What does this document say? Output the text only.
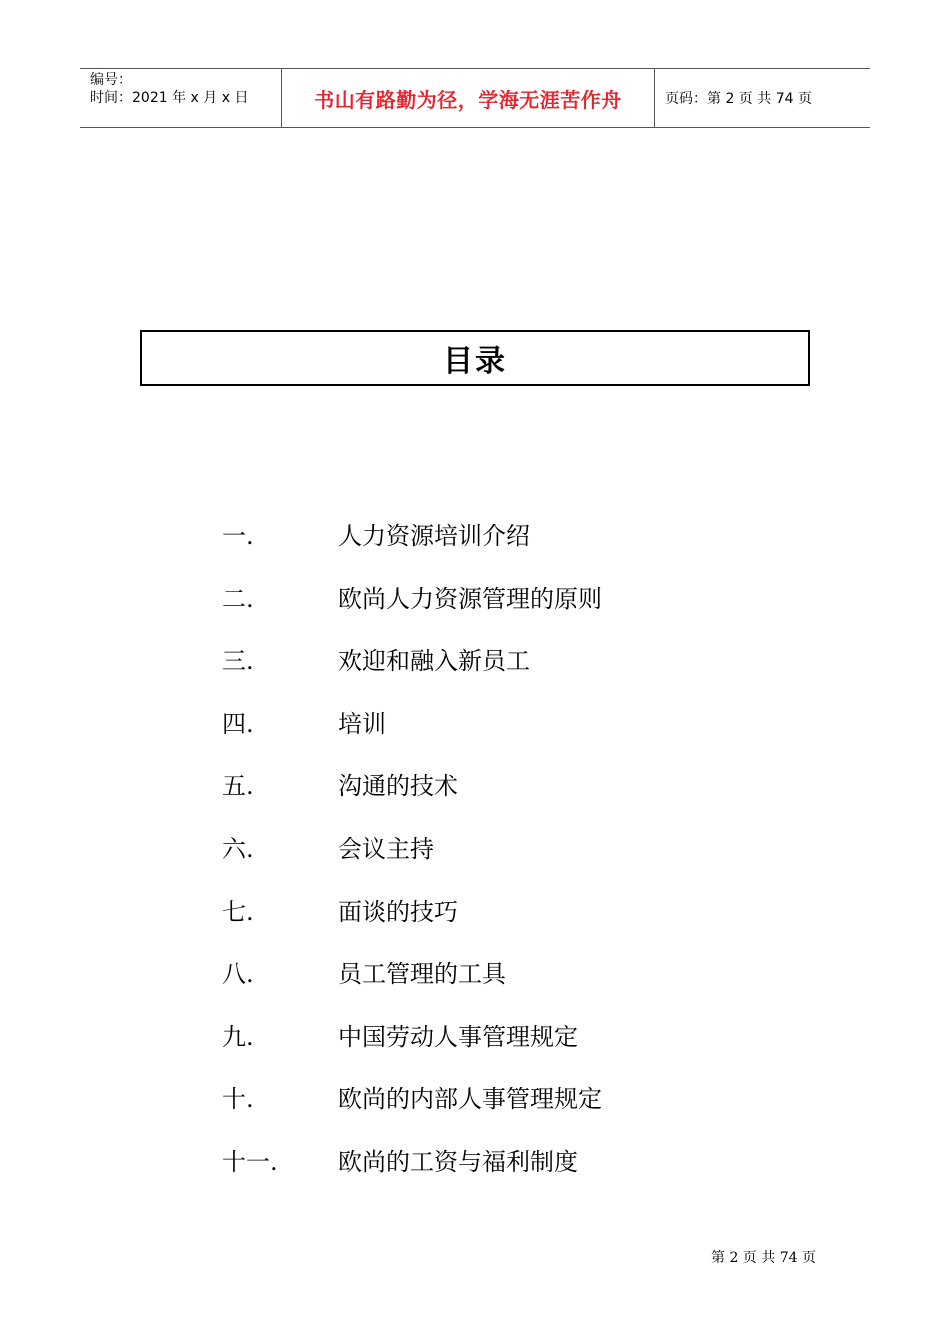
编号：
时间：2021 年 x 月 x 日	书山有路勤为径，学海无涯苦作舟	页码：第 2 页 共 74 页
目录
一.	人力资源培训介绍
二.	欧尚人力资源管理的原则
三.	欢迎和融入新员工
四.	培训
五.	沟通的技术
六.	会议主持
七.	面谈的技巧
八.	员工管理的工具
九.	中国劳动人事管理规定
十.	欧尚的内部人事管理规定
十一.	欧尚的工资与福利制度
第 2 页 共 74 页
